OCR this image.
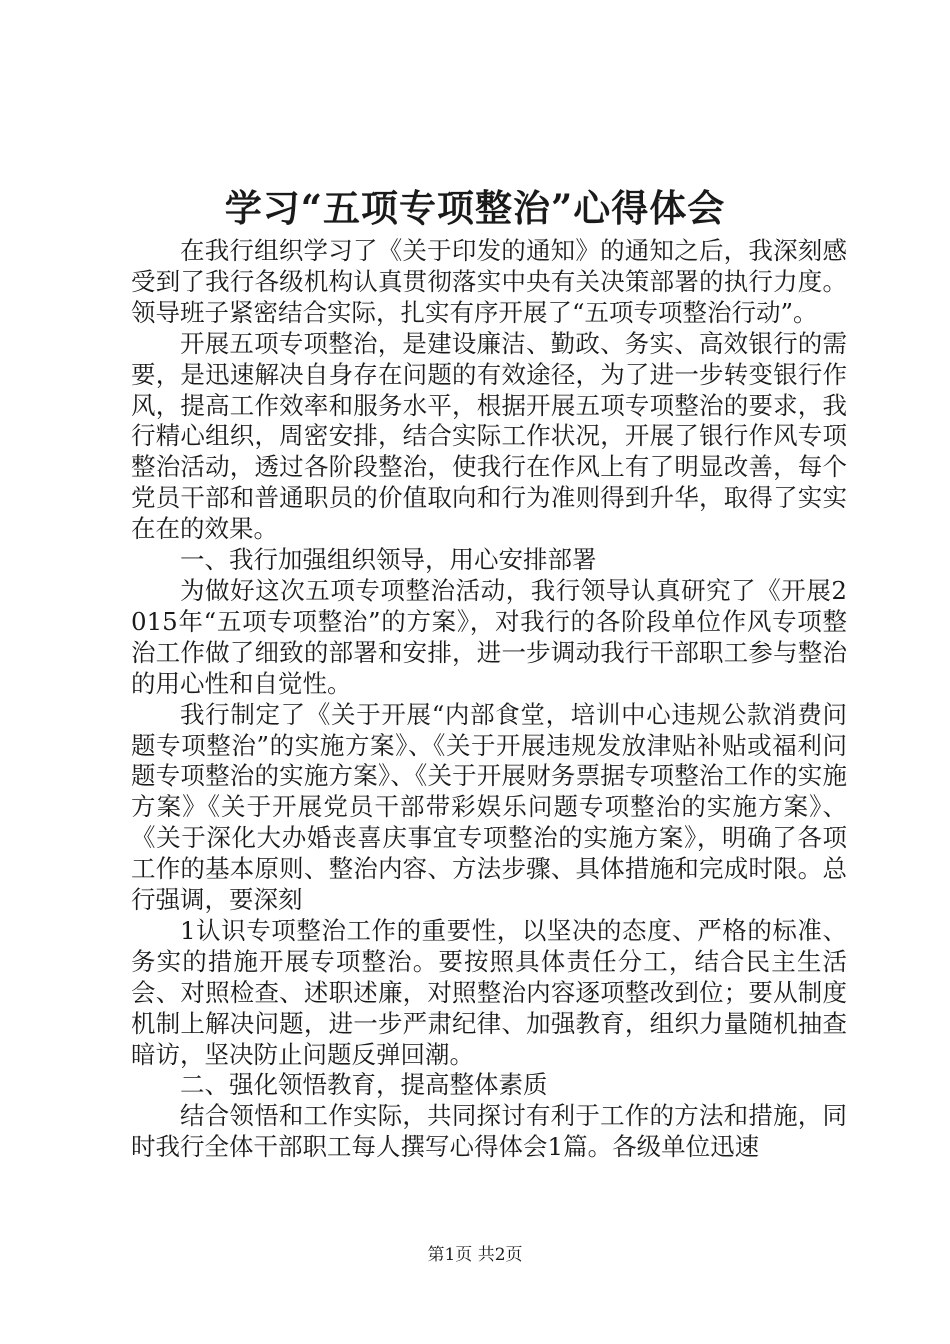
学习“五项专项整治”心得体会

在我行组织学习了《关于印发的通知》的通知之后，我深刻感受到了我行各级机构认真贯彻落实中央有关决策部署的执行力度。领导班子紧密结合实际，扎实有序开展了“五项专项整治行动”。

开展五项专项整治，是建设廉洁、勤政、务实、高效银行的需要，是迅速解决自身存在问题的有效途径，为了进一步转变银行作风，提高工作效率和服务水平，根据开展五项专项整治的要求，我行精心组织，周密安排，结合实际工作状况，开展了银行作风专项整治活动，透过各阶段整治，使我行在作风上有了明显改善，每个党员干部和普通职员的价值取向和行为准则得到升华，取得了实实在在的效果。

一、我行加强组织领导，用心安排部署

为做好这次五项专项整治活动，我行领导认真研究了《开展2015年“五项专项整治”的方案》，对我行的各阶段单位作风专项整治工作做了细致的部署和安排，进一步调动我行干部职工参与整治的用心性和自觉性。

我行制定了《关于开展“内部食堂，培训中心违规公款消费问题专项整治”的实施方案》、《关于开展违规发放津贴补贴或福利问题专项整治的实施方案》、《关于开展财务票据专项整治工作的实施方案》《关于开展党员干部带彩娱乐问题专项整治的实施方案》、《关于深化大办婚丧喜庆事宜专项整治的实施方案》，明确了各项工作的基本原则、整治内容、方法步骤、具体措施和完成时限。总行强调，要深刻

1认识专项整治工作的重要性，以坚决的态度、严格的标准、务实的措施开展专项整治。要按照具体责任分工，结合民主生活会、对照检查、述职述廉，对照整治内容逐项整改到位；要从制度机制上解决问题，进一步严肃纪律、加强教育，组织力量随机抽查暗访，坚决防止问题反弹回潮。

二、强化领悟教育，提高整体素质

结合领悟和工作实际，共同探讨有利于工作的方法和措施，同时我行全体干部职工每人撰写心得体会1篇。各级单位迅速

第1页 共2页
